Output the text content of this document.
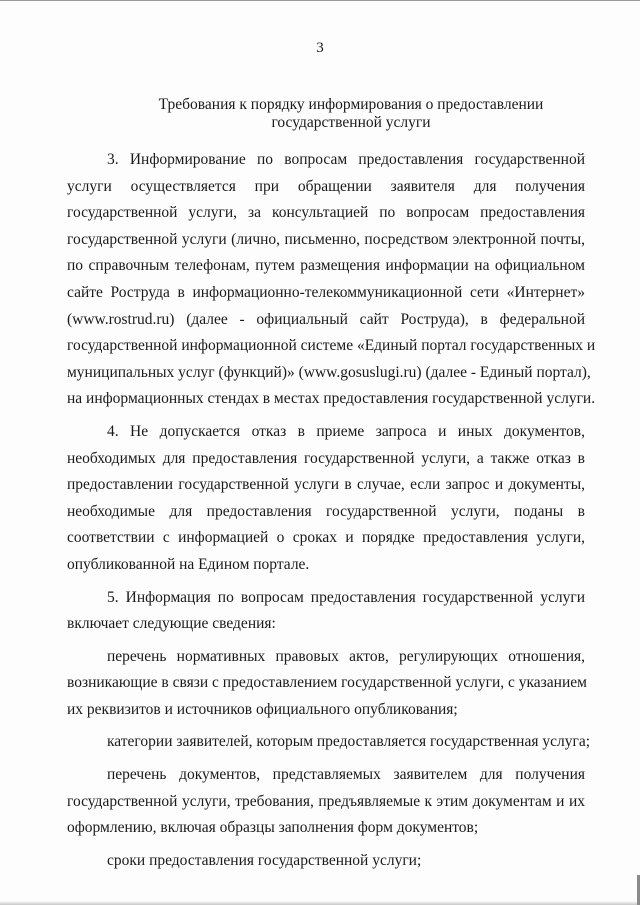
3
Требования к порядку информирования о предоставлении
государственной услуги
3. Информирование по вопросам предоставления государственной
услуги осуществляется при обращении заявителя для получения
государственной услуги, за консультацией по вопросам предоставления
государственной услуги (лично, письменно, посредством электронной почты,
по справочным телефонам, путем размещения информации на официальном
сайте Роструда в информационно-телекоммуникационной сети «Интернет»
(www.rostrud.ru) (далее - официальный сайт Роструда), в федеральной
государственной информационной системе «Единый портал государственных и
муниципальных услуг (функций)» (www.gosuslugi.ru) (далее - Единый портал),
на информационных стендах в местах предоставления государственной услуги.
4. Не допускается отказ в приеме запроса и иных документов,
необходимых для предоставления государственной услуги, а также отказ в
предоставлении государственной услуги в случае, если запрос и документы,
необходимые для предоставления государственной услуги, поданы в
соответствии с информацией о сроках и порядке предоставления услуги,
опубликованной на Едином портале.
5. Информация по вопросам предоставления государственной услуги
включает следующие сведения:
перечень нормативных правовых актов, регулирующих отношения,
возникающие в связи с предоставлением государственной услуги, с указанием
их реквизитов и источников официального опубликования;
категории заявителей, которым предоставляется государственная услуга;
перечень документов, представляемых заявителем для получения
государственной услуги, требования, предъявляемые к этим документам и их
оформлению, включая образцы заполнения форм документов;
сроки предоставления государственной услуги;
